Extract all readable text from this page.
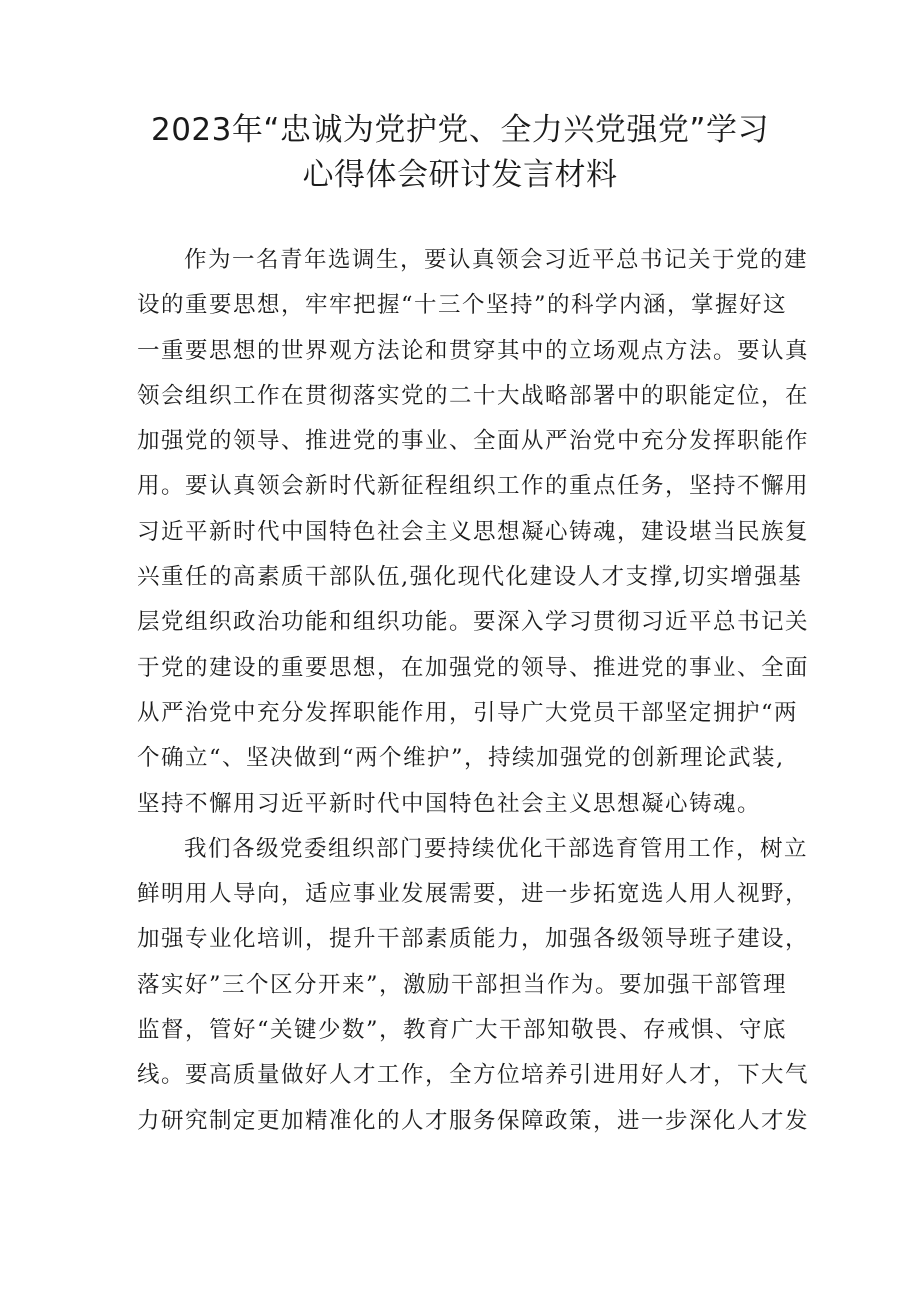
2023年“忠诚为党护党、全力兴党强党”学习
心得体会研讨发言材料
作为一名青年选调生，要认真领会习近平总书记关于党的建
设的重要思想，牢牢把握“十三个坚持”的科学内涵，掌握好这
一重要思想的世界观方法论和贯穿其中的立场观点方法。要认真
领会组织工作在贯彻落实党的二十大战略部署中的职能定位，在
加强党的领导、推进党的事业、全面从严治党中充分发挥职能作
用。要认真领会新时代新征程组织工作的重点任务，坚持不懈用
习近平新时代中国特色社会主义思想凝心铸魂，建设堪当民族复
兴重任的高素质干部队伍,强化现代化建设人才支撑,切实增强基
层党组织政治功能和组织功能。要深入学习贯彻习近平总书记关
于党的建设的重要思想，在加强党的领导、推进党的事业、全面
从严治党中充分发挥职能作用，引导广大党员干部坚定拥护“两
个确立“、坚决做到“两个维护”，持续加强党的创新理论武装,
坚持不懈用习近平新时代中国特色社会主义思想凝心铸魂。
我们各级党委组织部门要持续优化干部选育管用工作，树立
鲜明用人导向，适应事业发展需要，进一步拓宽选人用人视野，
加强专业化培训，提升干部素质能力，加强各级领导班子建设，
落实好”三个区分开来”，激励干部担当作为。要加强干部管理
监督，管好“关键少数”，教育广大干部知敬畏、存戒惧、守底
线。要高质量做好人才工作，全方位培养引进用好人才，下大气
力研究制定更加精准化的人才服务保障政策，进一步深化人才发
